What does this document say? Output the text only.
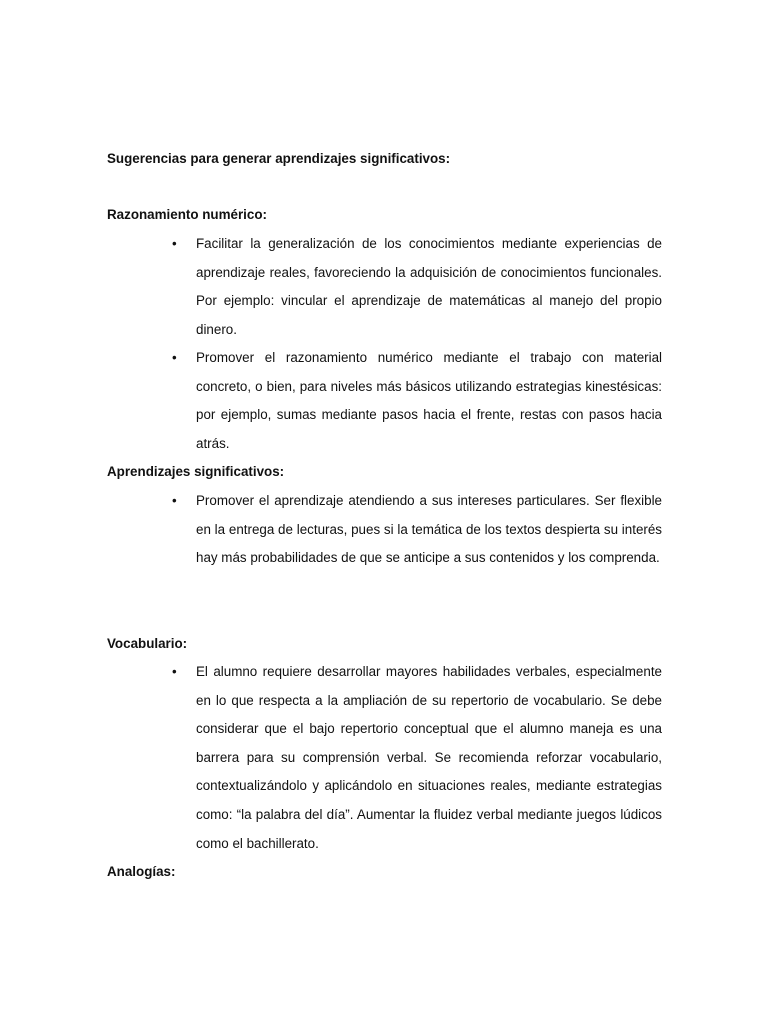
Sugerencias para generar aprendizajes significativos:
Razonamiento numérico:
•	Facilitar la generalización de los conocimientos mediante experiencias de aprendizaje reales, favoreciendo la adquisición de conocimientos funcionales. Por ejemplo: vincular el aprendizaje de matemáticas al manejo del propio dinero.
•	Promover el razonamiento numérico mediante el trabajo con material concreto, o bien, para niveles más básicos utilizando estrategias kinestésicas: por ejemplo, sumas mediante pasos hacia el frente, restas con pasos hacia atrás.
Aprendizajes significativos:
•	Promover el aprendizaje atendiendo a sus intereses particulares. Ser flexible en la entrega de lecturas, pues si la temática de los textos despierta su interés hay más probabilidades de que se anticipe a sus contenidos y los comprenda.
Vocabulario:
•	El alumno requiere desarrollar mayores habilidades verbales, especialmente en lo que respecta a la ampliación de su repertorio de vocabulario. Se debe considerar que el bajo repertorio conceptual que el alumno maneja es una barrera para su comprensión verbal. Se recomienda reforzar vocabulario, contextualizándolo y aplicándolo en situaciones reales, mediante estrategias como: “la palabra del día”. Aumentar la fluidez verbal mediante juegos lúdicos como el bachillerato.
Analogías:
